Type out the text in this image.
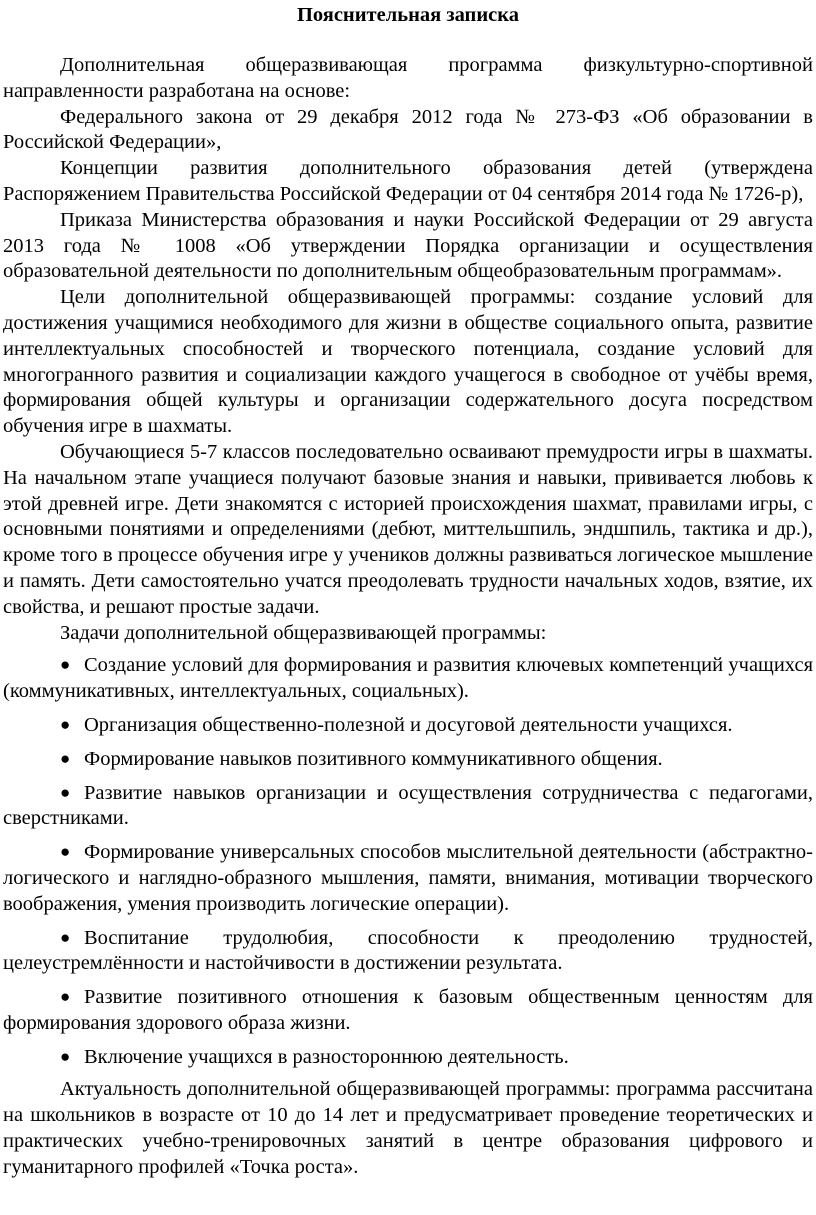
Пояснительная записка

Дополнительная общеразвивающая программа физкультурно-спортивной направленности разработана на основе:

Федерального закона от 29 декабря 2012 года № 273-ФЗ «Об образовании в Российской Федерации»,

Концепции развития дополнительного образования детей (утверждена Распоряжением Правительства Российской Федерации от 04 сентября 2014 года № 1726-р),

Приказа Министерства образования и науки Российской Федерации от 29 августа 2013 года № 1008 «Об утверждении Порядка организации и осуществления образовательной деятельности по дополнительным общеобразовательным программам».

Цели дополнительной общеразвивающей программы: создание условий для достижения учащимися необходимого для жизни в обществе социального опыта, развитие интеллектуальных способностей и творческого потенциала, создание условий для многогранного развития и социализации каждого учащегося в свободное от учёбы время, формирования общей культуры и организации содержательного досуга посредством обучения игре в шахматы.

Обучающиеся 5-7 классов последовательно осваивают премудрости игры в шахматы. На начальном этапе учащиеся получают базовые знания и навыки, прививается любовь к этой древней игре. Дети знакомятся с историей происхождения шахмат, правилами игры, с основными понятиями и определениями (дебют, миттельшпиль, эндшпиль, тактика и др.), кроме того в процессе обучения игре у учеников должны развиваться логическое мышление и память. Дети самостоятельно учатся преодолевать трудности начальных ходов, взятие, их свойства, и решают простые задачи.

Задачи дополнительной общеразвивающей программы:

● Создание условий для формирования и развития ключевых компетенций учащихся (коммуникативных, интеллектуальных, социальных).
● Организация общественно-полезной и досуговой деятельности учащихся.
● Формирование навыков позитивного коммуникативного общения.
● Развитие навыков организации и осуществления сотрудничества с педагогами, сверстниками.
● Формирование универсальных способов мыслительной деятельности (абстрактно-логического и наглядно-образного мышления, памяти, внимания, мотивации творческого воображения, умения производить логические операции).
● Воспитание трудолюбия, способности к преодолению трудностей, целеустремлённости и настойчивости в достижении результата.
● Развитие позитивного отношения к базовым общественным ценностям для формирования здорового образа жизни.
● Включение учащихся в разностороннюю деятельность.

Актуальность дополнительной общеразвивающей программы: программа рассчитана на школьников в возрасте от 10 до 14 лет и предусматривает проведение теоретических и практических учебно-тренировочных занятий в центре образования цифрового и гуманитарного профилей «Точка роста».
